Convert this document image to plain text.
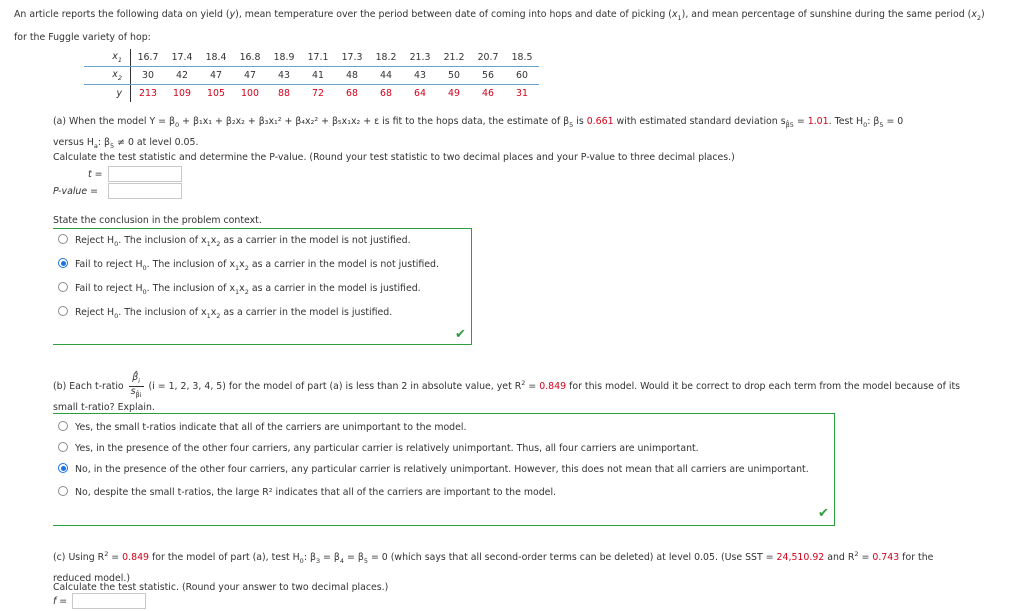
An article reports the following data on yield (y), mean temperature over the period between date of coming into hops and date of picking $(x_1)$, and mean percentage of sunshine during the same period $(x_2)$
for the Fuggle variety of hop:
$x_1$	16.7	17.4	18.4	16.8	18.9	17.1	17.3	18.2	21.3	21.2	20.7	18.5
$x_2$	30	42	47	47	43	41	48	44	43	50	56	60
y	213	109	105	100	88	72	68	68	64	49	46	31
(a) When the model $Y = \beta_0 + \beta_1x_1 + \beta_2x_2 + \beta_3x_1^2 + \beta_4x_2^2 + \beta_5x_1x_2 + \varepsilon$ is fit to the hops data, the estimate of $\beta_5$ is 0.661 with estimated standard deviation $s_{\betâ5} = 1.01$. Test $H_0$: $\beta_5 = 0$
versus $H_a$: $\beta_5 \ne 0$ at level 0.05.
Calculate the test statistic and determine the P-value. (Round your test statistic to two decimal places and your P-value to three decimal places.)
t =
P-value =
State the conclusion in the problem context.
Reject $H_0$. The inclusion of $x_1x_2$ as a carrier in the model is not justified.
Fail to reject $H_0$. The inclusion of $x_1x_2$ as a carrier in the model is not justified.
Fail to reject $H_0$. The inclusion of $x_1x_2$ as a carrier in the model is justified.
Reject $H_0$. The inclusion of $x_1x_2$ as a carrier in the model is justified.
✔
(b) Each t-ratio $\frac{\betâ_i}{s_{\betâi}} (i = 1$, 2, 3, 4, 5) for the model of part (a) is less than 2 in absolute value, yet $R^2 = 0.849$ for this model. Would it be correct to drop each term from the model because of its
small t-ratio? Explain.
Yes, the small t-ratios indicate that all of the carriers are unimportant to the model.
Yes, in the presence of the other four carriers, any particular carrier is relatively unimportant. Thus, all four carriers are unimportant.
No, in the presence of the other four carriers, any particular carrier is relatively unimportant. However, this does not mean that all carriers are unimportant.
No, despite the small t-ratios, the large R² indicates that all of the carriers are important to the model.
✔
(c) Using $R^2 = 0.849$ for the model of part (a), test $H_0$: $\beta_3 = \beta_4 = \beta_5 = 0$ (which says that all second-order terms can be deleted) at level 0.05. (Use SST = 24,510.92 and $R^2 = 0.743$ for the
reduced model.)
Calculate the test statistic. (Round your answer to two decimal places.)
f =
